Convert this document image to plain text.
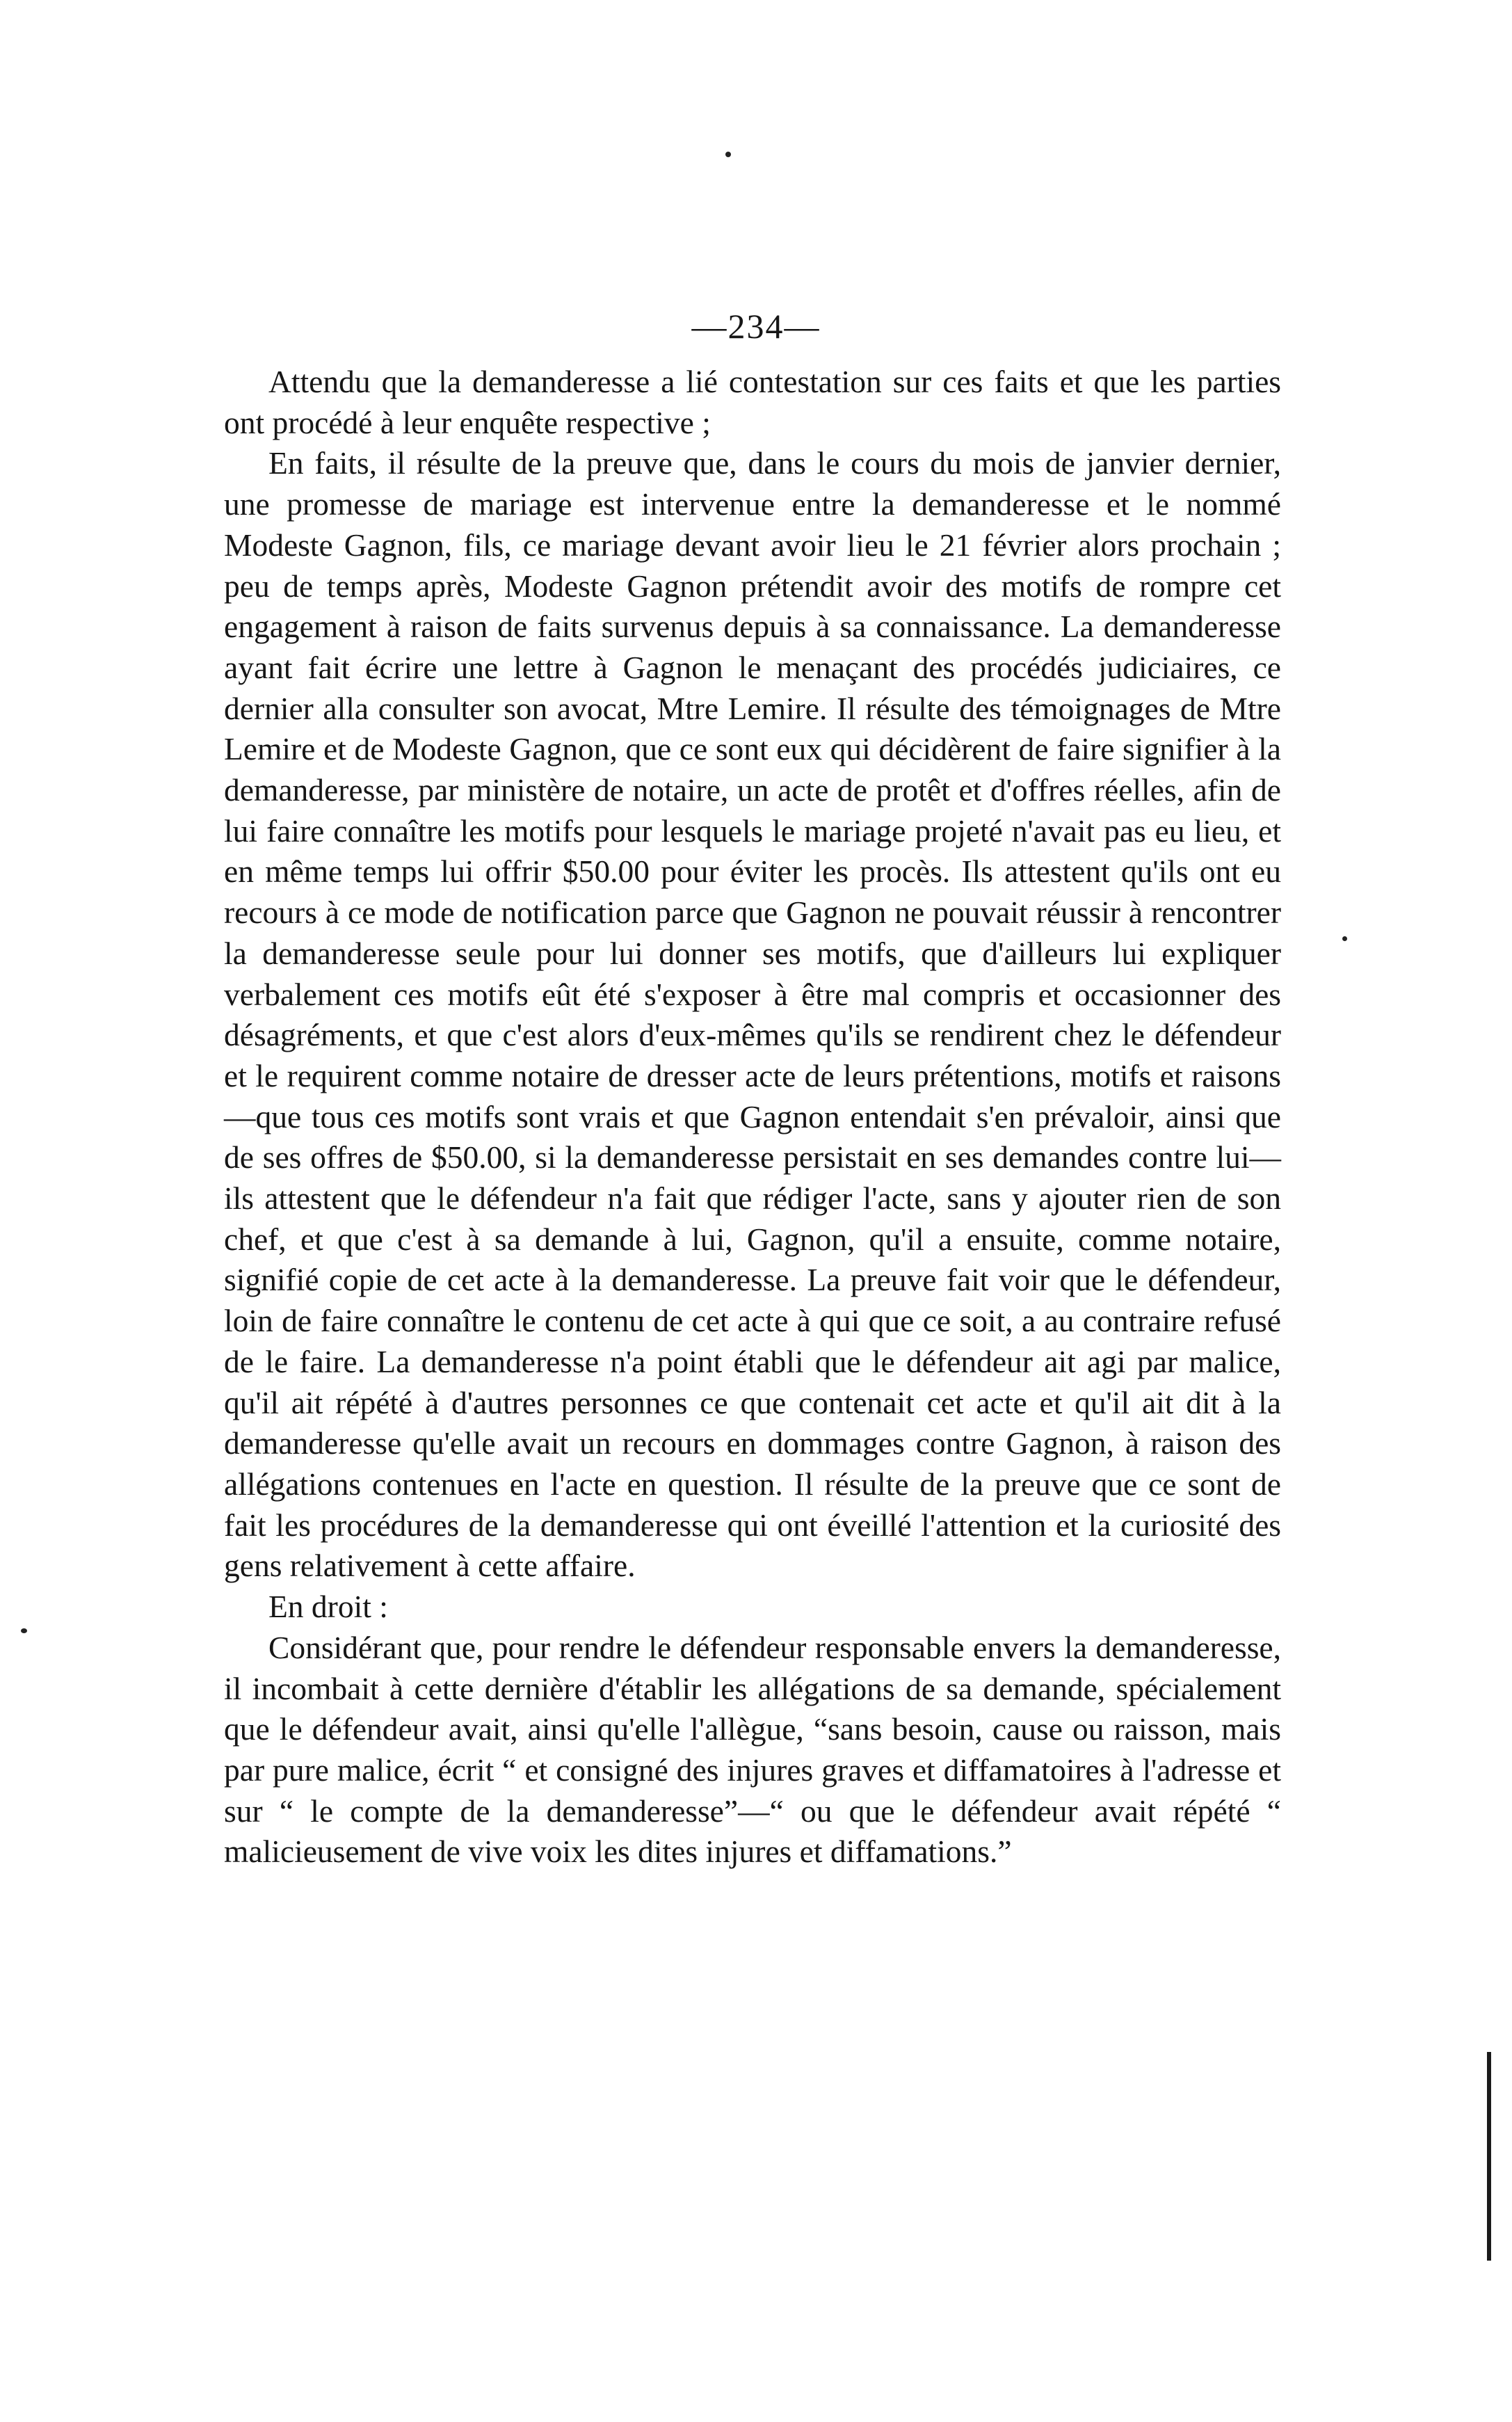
—234—

Attendu que la demanderesse a lié contestation sur ces faits et que les parties ont procédé à leur enquête respective ;

En faits, il résulte de la preuve que, dans le cours du mois de janvier dernier, une promesse de mariage est intervenue entre la demanderesse et le nommé Modeste Gagnon, fils, ce mariage devant avoir lieu le 21 février alors prochain ; peu de temps après, Modeste Gagnon prétendit avoir des motifs de rompre cet engagement à raison de faits survenus depuis à sa connaissance. La demanderesse ayant fait écrire une lettre à Gagnon le menaçant des procédés judiciaires, ce dernier alla consulter son avocat, Mtre Lemire. Il résulte des témoignages de Mtre Lemire et de Modeste Gagnon, que ce sont eux qui décidèrent de faire signifier à la demanderesse, par ministère de notaire, un acte de protêt et d'offres réelles, afin de lui faire connaître les motifs pour lesquels le mariage projeté n'avait pas eu lieu, et en même temps lui offrir $50.00 pour éviter les procès. Ils attestent qu'ils ont eu recours à ce mode de notification parce que Gagnon ne pouvait réussir à rencontrer la demanderesse seule pour lui donner ses motifs, que d'ailleurs lui expliquer verbalement ces motifs eût été s'exposer à être mal compris et occasionner des désagréments, et que c'est alors d'eux-mêmes qu'ils se rendirent chez le défendeur et le requirent comme notaire de dresser acte de leurs prétentions, motifs et raisons—que tous ces motifs sont vrais et que Gagnon entendait s'en prévaloir, ainsi que de ses offres de $50.00, si la demanderesse persistait en ses demandes contre lui—ils attestent que le défendeur n'a fait que rédiger l'acte, sans y ajouter rien de son chef, et que c'est à sa demande à lui, Gagnon, qu'il a ensuite, comme notaire, signifié copie de cet acte à la demanderesse. La preuve fait voir que le défendeur, loin de faire connaître le contenu de cet acte à qui que ce soit, a au contraire refusé de le faire. La demanderesse n'a point établi que le défendeur ait agi par malice, qu'il ait répété à d'autres personnes ce que contenait cet acte et qu'il ait dit à la demanderesse qu'elle avait un recours en dommages contre Gagnon, à raison des allégations contenues en l'acte en question. Il résulte de la preuve que ce sont de fait les procédures de la demanderesse qui ont éveillé l'attention et la curiosité des gens relativement à cette affaire.

En droit :

Considérant que, pour rendre le défendeur responsable envers la demanderesse, il incombait à cette dernière d'établir les allégations de sa demande, spécialement que le défendeur avait, ainsi qu'elle l'allègue, “sans besoin, cause ou raisson, mais par pure malice, écrit “ et consigné des injures graves et diffamatoires à l'adresse et sur “ le compte de la demanderesse”—“ ou que le défendeur avait répété “ malicieusement de vive voix les dites injures et diffamations.”
